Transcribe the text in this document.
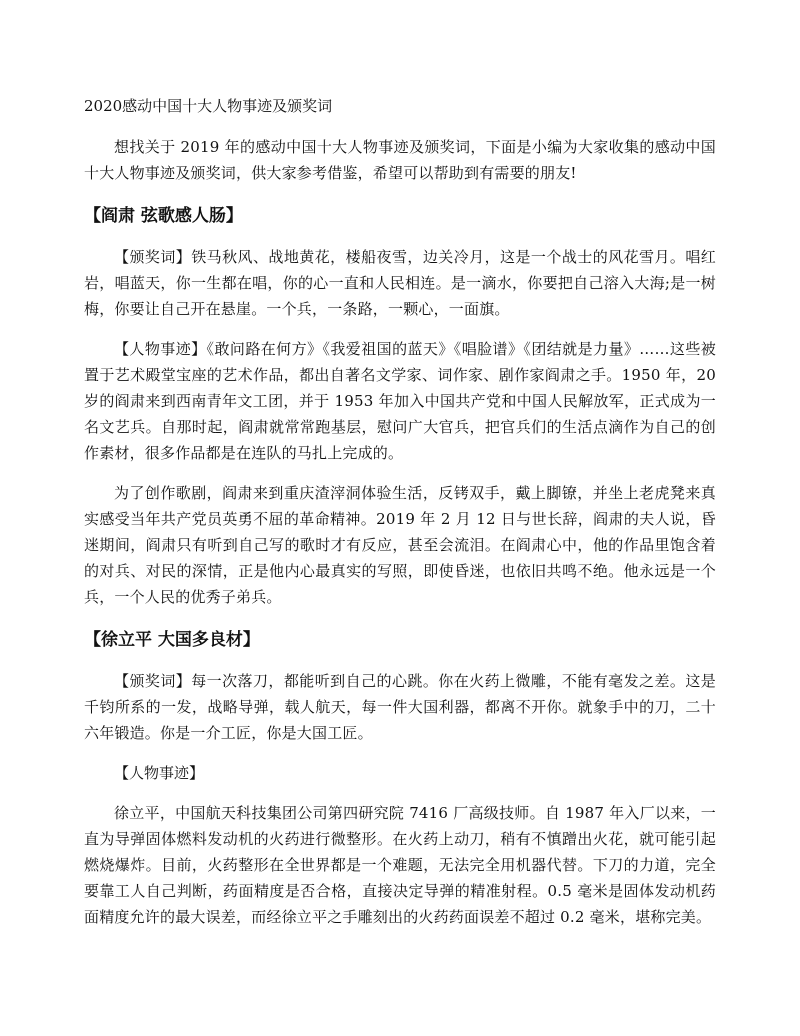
2020感动中国十大人物事迹及颁奖词

想找关于 2019 年的感动中国十大人物事迹及颁奖词，下面是小编为大家收集的感动中国十大人物事迹及颁奖词，供大家参考借鉴，希望可以帮助到有需要的朋友!

【阎肃 弦歌感人肠】

【颁奖词】铁马秋风、战地黄花，楼船夜雪，边关冷月，这是一个战士的风花雪月。唱红岩，唱蓝天，你一生都在唱，你的心一直和人民相连。是一滴水，你要把自己溶入大海;是一树梅，你要让自己开在悬崖。一个兵，一条路，一颗心，一面旗。

【人物事迹】《敢问路在何方》《我爱祖国的蓝天》《唱脸谱》《团结就是力量》……这些被置于艺术殿堂宝座的艺术作品，都出自著名文学家、词作家、剧作家阎肃之手。1950 年，20 岁的阎肃来到西南青年文工团，并于 1953 年加入中国共产党和中国人民解放军，正式成为一名文艺兵。自那时起，阎肃就常常跑基层，慰问广大官兵，把官兵们的生活点滴作为自己的创作素材，很多作品都是在连队的马扎上完成的。

为了创作歌剧，阎肃来到重庆渣滓洞体验生活，反铐双手，戴上脚镣，并坐上老虎凳来真实感受当年共产党员英勇不屈的革命精神。2019 年 2 月 12 日与世长辞，阎肃的夫人说，昏迷期间，阎肃只有听到自己写的歌时才有反应，甚至会流泪。在阎肃心中，他的作品里饱含着的对兵、对民的深情，正是他内心最真实的写照，即使昏迷，也依旧共鸣不绝。他永远是一个兵，一个人民的优秀子弟兵。

【徐立平 大国多良材】

【颁奖词】每一次落刀，都能听到自己的心跳。你在火药上微雕，不能有毫发之差。这是千钧所系的一发，战略导弹，载人航天，每一件大国利器，都离不开你。就象手中的刀，二十六年锻造。你是一介工匠，你是大国工匠。

【人物事迹】

徐立平，中国航天科技集团公司第四研究院 7416 厂高级技师。自 1987 年入厂以来，一直为导弹固体燃料发动机的火药进行微整形。在火药上动刀，稍有不慎蹭出火花，就可能引起燃烧爆炸。目前，火药整形在全世界都是一个难题，无法完全用机器代替。下刀的力道，完全要靠工人自己判断，药面精度是否合格，直接决定导弹的精准射程。0.5 毫米是固体发动机药面精度允许的最大误差，而经徐立平之手雕刻出的火药药面误差不超过 0.2 毫米，堪称完美。
